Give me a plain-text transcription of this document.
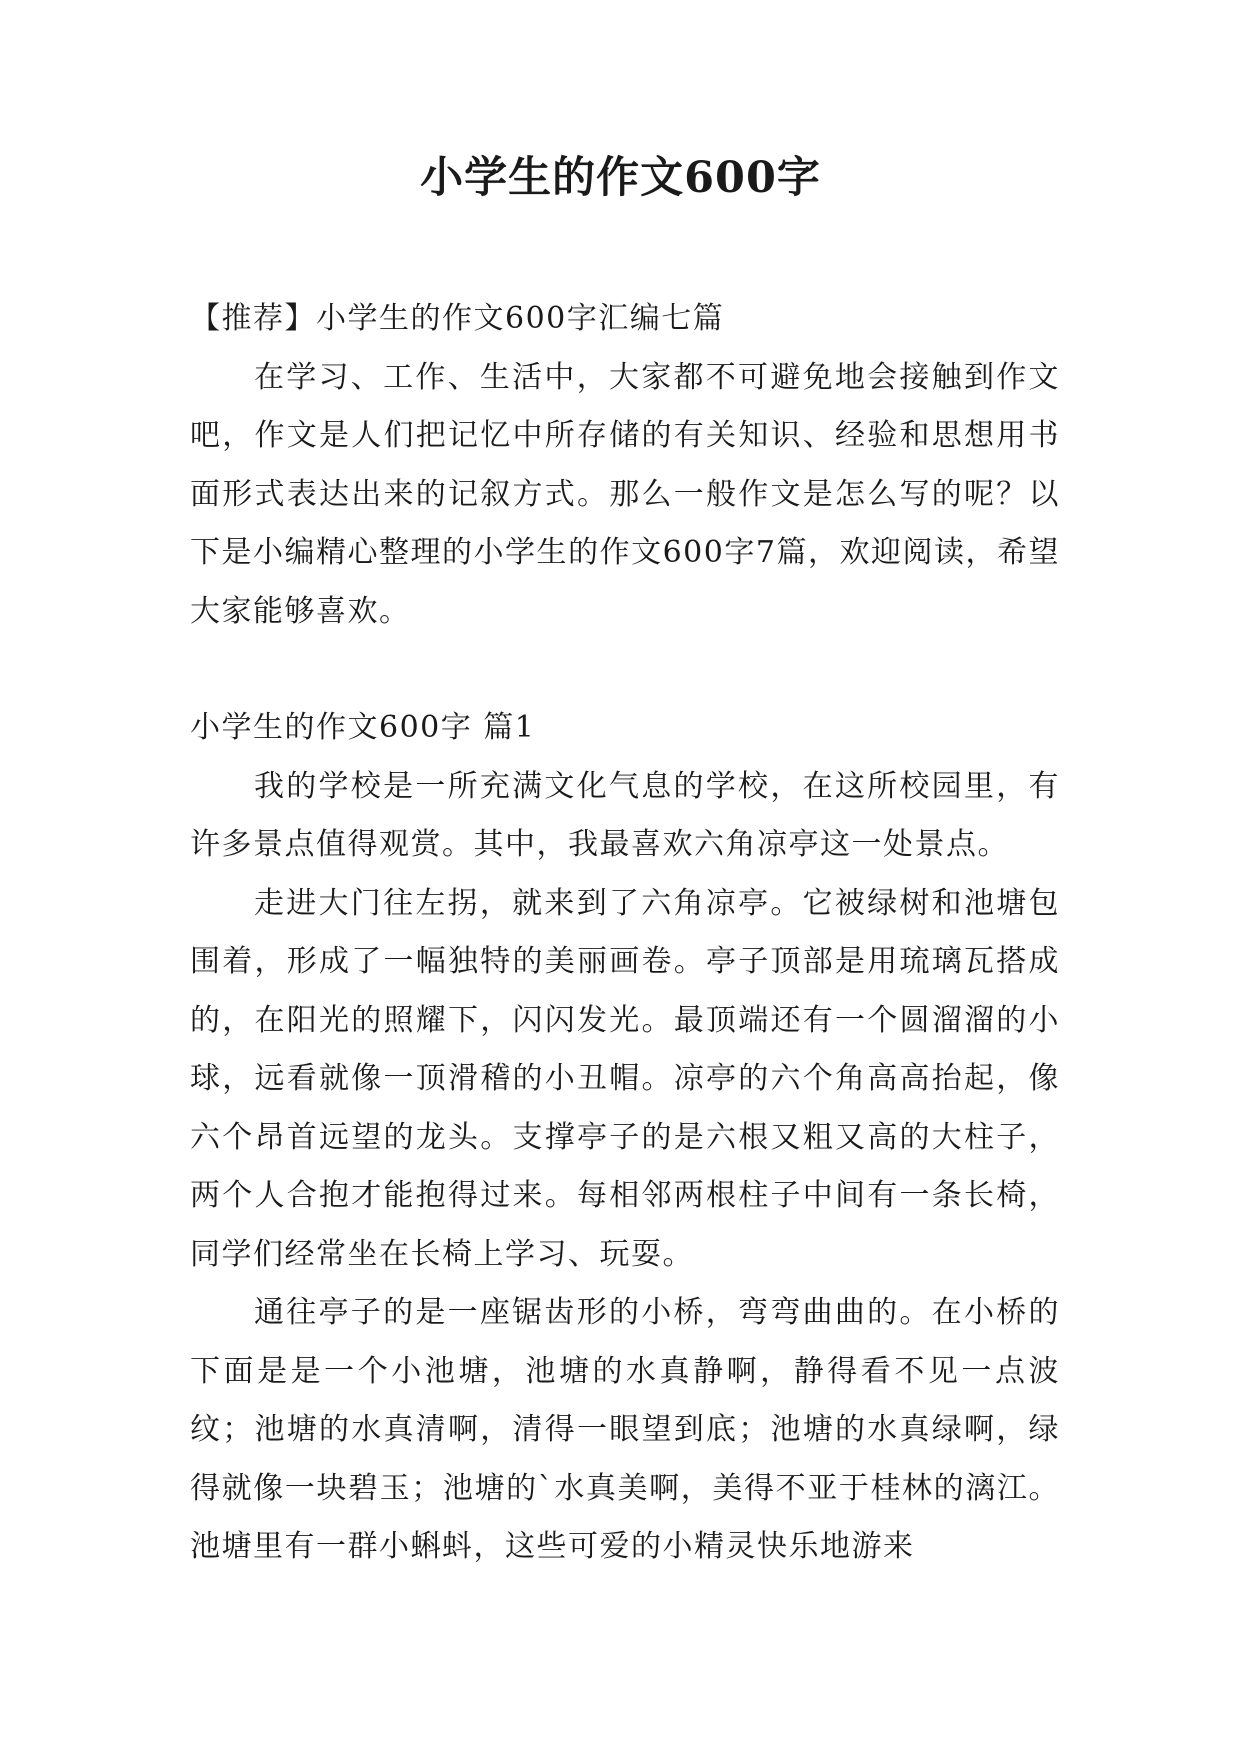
小学生的作文600字

【推荐】小学生的作文600字汇编七篇

在学习、工作、生活中，大家都不可避免地会接触到作文吧，作文是人们把记忆中所存储的有关知识、经验和思想用书面形式表达出来的记叙方式。那么一般作文是怎么写的呢？以下是小编精心整理的小学生的作文600字7篇，欢迎阅读，希望大家能够喜欢。

小学生的作文600字 篇1

我的学校是一所充满文化气息的学校，在这所校园里，有许多景点值得观赏。其中，我最喜欢六角凉亭这一处景点。

走进大门往左拐，就来到了六角凉亭。它被绿树和池塘包围着，形成了一幅独特的美丽画卷。亭子顶部是用琉璃瓦搭成的，在阳光的照耀下，闪闪发光。最顶端还有一个圆溜溜的小球，远看就像一顶滑稽的小丑帽。凉亭的六个角高高抬起，像六个昂首远望的龙头。支撑亭子的是六根又粗又高的大柱子，两个人合抱才能抱得过来。每相邻两根柱子中间有一条长椅，同学们经常坐在长椅上学习、玩耍。

通往亭子的是一座锯齿形的小桥，弯弯曲曲的。在小桥的下面是是一个小池塘，池塘的水真静啊，静得看不见一点波纹；池塘的水真清啊，清得一眼望到底；池塘的水真绿啊，绿得就像一块碧玉；池塘的`水真美啊，美得不亚于桂林的漓江。池塘里有一群小蝌蚪，这些可爱的小精灵快乐地游来
